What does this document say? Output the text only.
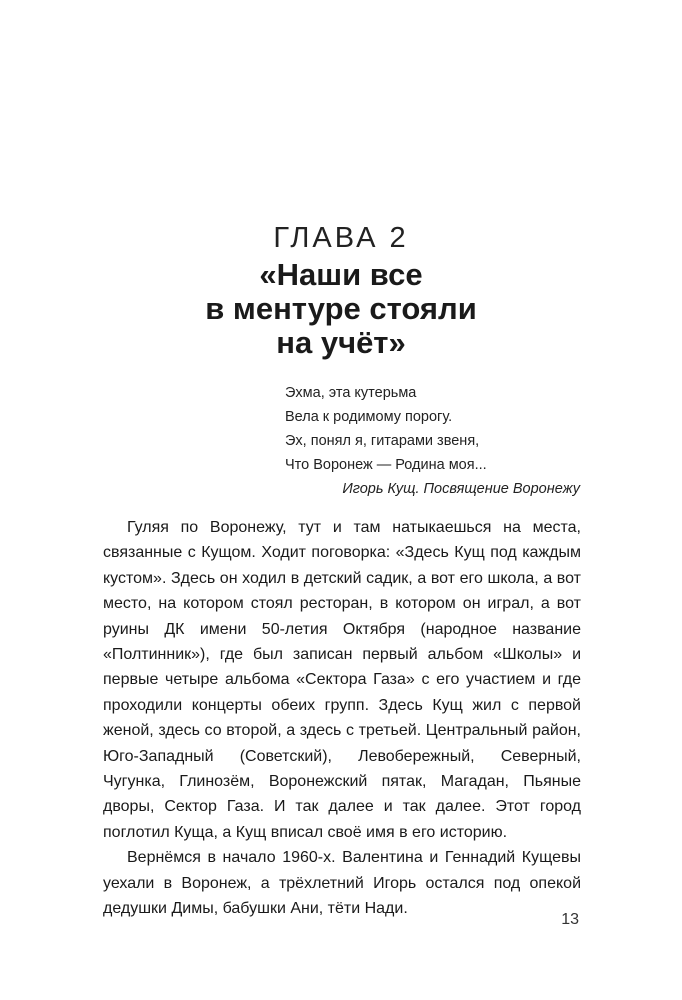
ГЛАВА 2
«Наши все
в ментуре стояли
на учёт»
Эхма, эта кутерьма
Вела к родимому порогу.
Эх, понял я, гитарами звеня,
Что Воронеж — Родина моя...
Игорь Кущ. Посвящение Воронежу

Гуляя по Воронежу, тут и там натыкаешься на места, связанные с Кущом. Ходит поговорка: «Здесь Кущ под каждым кустом». Здесь он ходил в детский садик, а вот его школа, а вот место, на котором стоял ресторан, в котором он играл, а вот руины ДК имени 50-летия Октября (народное название «Полтинник»), где был записан первый альбом «Школы» и первые четыре альбома «Сектора Газа» с его участием и где проходили концерты обеих групп. Здесь Кущ жил с первой женой, здесь со второй, а здесь с третьей. Центральный район, Юго-Западный (Советский), Левобережный, Северный, Чугунка, Глинозём, Воронежский пятак, Магадан, Пьяные дворы, Сектор Газа. И так далее и так далее. Этот город поглотил Куща, а Кущ вписал своё имя в его историю.

Вернёмся в начало 1960-х. Валентина и Геннадий Кущевы уехали в Воронеж, а трёхлетний Игорь остался под опекой дедушки Димы, бабушки Ани, тёти Нади.

13
